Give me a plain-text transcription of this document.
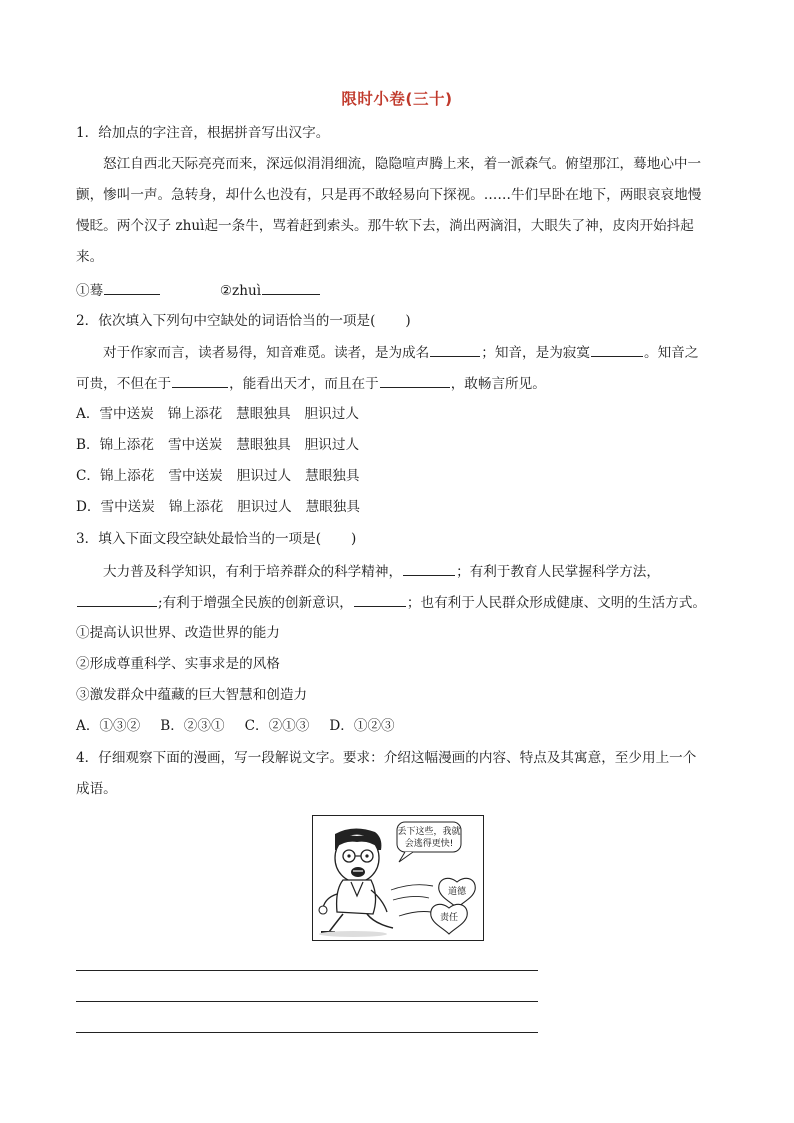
限时小卷(三十)
1．给加点的字注音，根据拼音写出汉字。
怒江自西北天际亮亮而来，深远似涓涓细流，隐隐喧声腾上来，着一派森气。俯望那江，蓦地心中一
颤，惨叫一声。急转身，却什么也没有，只是再不敢轻易向下探视。……牛们早卧在地下，两眼哀哀地慢
慢眨。两个汉子 zhuì起一条牛，骂着赶到索头。那牛软下去，淌出两滴泪，大眼失了神，皮肉开始抖起
来。
①蓦	②zhuì
2．依次填入下列句中空缺处的词语恰当的一项是( )
对于作家而言，读者易得，知音难觅。读者，是为成名	；知音，是为寂寞	。知音之
可贵，不但在于	，能看出天才，而且在于	，敢畅言所见。
A．雪中送炭 锦上添花 慧眼独具 胆识过人
B．锦上添花 雪中送炭 慧眼独具 胆识过人
C．锦上添花 雪中送炭 胆识过人 慧眼独具
D．雪中送炭 锦上添花 胆识过人 慧眼独具
3．填入下面文段空缺处最恰当的一项是( )
大力普及科学知识，有利于培养群众的科学精神，	；有利于教育人民掌握科学方法，
;有利于增强全民族的创新意识，	；也有利于人民群众形成健康、文明的生活方式。
①提高认识世界、改造世界的能力
②形成尊重科学、实事求是的风格
③激发群众中蕴藏的巨大智慧和创造力
A．①③② B．②③① C．②①③ D．①②③
4．仔细观察下面的漫画，写一段解说文字。要求：介绍这幅漫画的内容、特点及其寓意，至少用上一个
成语。
丢下这些，我就
会逃得更快!
道德
责任
